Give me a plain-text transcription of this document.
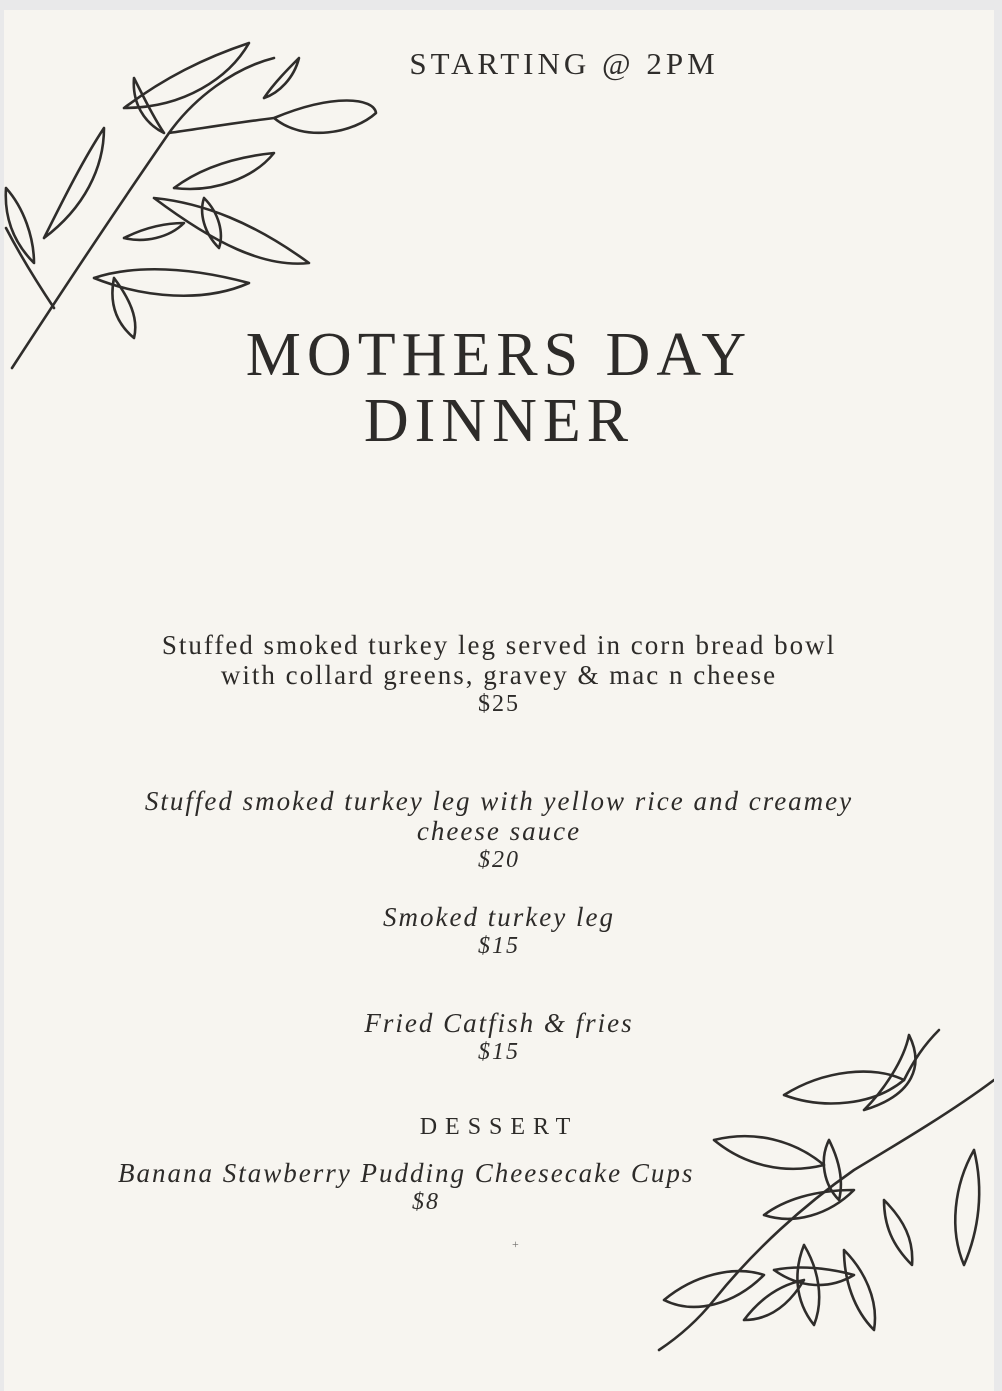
STARTING @ 2PM
MOTHERS DAY
DINNER
Stuffed smoked turkey leg served in corn bread bowl
with collard greens, gravey & mac n cheese
$25
Stuffed smoked turkey leg with yellow rice and creamey
cheese sauce
$20
Smoked turkey leg
$15
Fried Catfish & fries
$15
DESSERT
Banana Stawberry Pudding Cheesecake Cups
$8
+
